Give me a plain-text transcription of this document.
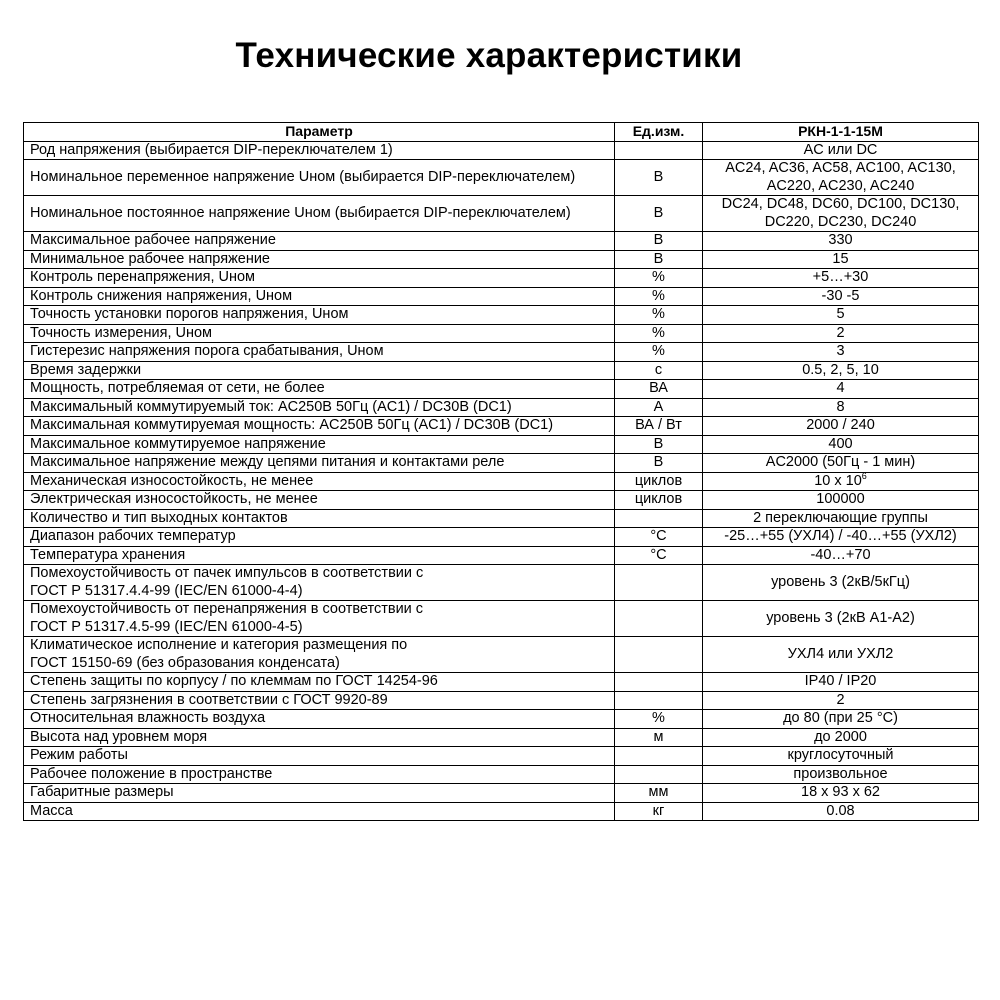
Технические характеристики
Параметр	Ед.изм.	РКН-1-1-15М
Род напряжения (выбирается DIP-переключателем 1)		AC или DC
Номинальное переменное напряжение Uном (выбирается DIP-переключателем)	В	AC24, AC36, AC58, AC100, AC130,
AC220, AC230, AC240
Номинальное постоянное напряжение Uном (выбирается DIP-переключателем)	В	DC24, DC48, DC60, DC100, DC130,
DC220, DC230, DC240
Максимальное рабочее напряжение	В	330
Минимальное рабочее напряжение	В	15
Контроль перенапряжения, Uном	%	+5…+30
Контроль снижения напряжения, Uном	%	-30 -5
Точность установки порогов напряжения, Uном	%	5
Точность измерения, Uном	%	2
Гистерезис напряжения порога срабатывания, Uном	%	3
Время задержки	с	0.5, 2, 5, 10
Мощность, потребляемая от сети, не более	ВА	4
Максимальный коммутируемый ток: AC250В 50Гц (AC1) / DC30В (DC1)	А	8
Максимальная коммутируемая мощность: AC250В 50Гц (AC1) / DC30В (DC1)	ВА / Вт	2000 / 240
Максимальное коммутируемое напряжение	В	400
Максимальное напряжение между цепями питания и контактами реле	В	AC2000 (50Гц - 1 мин)
Механическая износостойкость, не менее	циклов	10 x $10^6$
Электрическая износостойкость, не менее	циклов	100000
Количество и тип выходных контактов		2 переключающие группы
Диапазон рабочих температур	°C	-25…+55 (УХЛ4) / -40…+55 (УХЛ2)
Температура хранения	°C	-40…+70
Помехоустойчивость от пачек импульсов в соответствии с
ГОСТ Р 51317.4.4-99 (IEC/EN 61000-4-4)		уровень 3 (2кВ/5кГц)
Помехоустойчивость от перенапряжения в соответствии с
ГОСТ Р 51317.4.5-99 (IEC/EN 61000-4-5)		уровень 3 (2кВ А1-А2)
Климатическое исполнение и категория размещения по
ГОСТ 15150-69 (без образования конденсата)		УХЛ4 или УХЛ2
Степень защиты по корпусу / по клеммам по ГОСТ 14254-96		IP40 / IP20
Степень загрязнения в соответствии с ГОСТ 9920-89		2
Относительная влажность воздуха	%	до 80 (при 25 °C)
Высота над уровнем моря	м	до 2000
Режим работы		круглосуточный
Рабочее положение в пространстве		произвольное
Габаритные размеры	мм	18 x 93 x 62
Масса	кг	0.08
